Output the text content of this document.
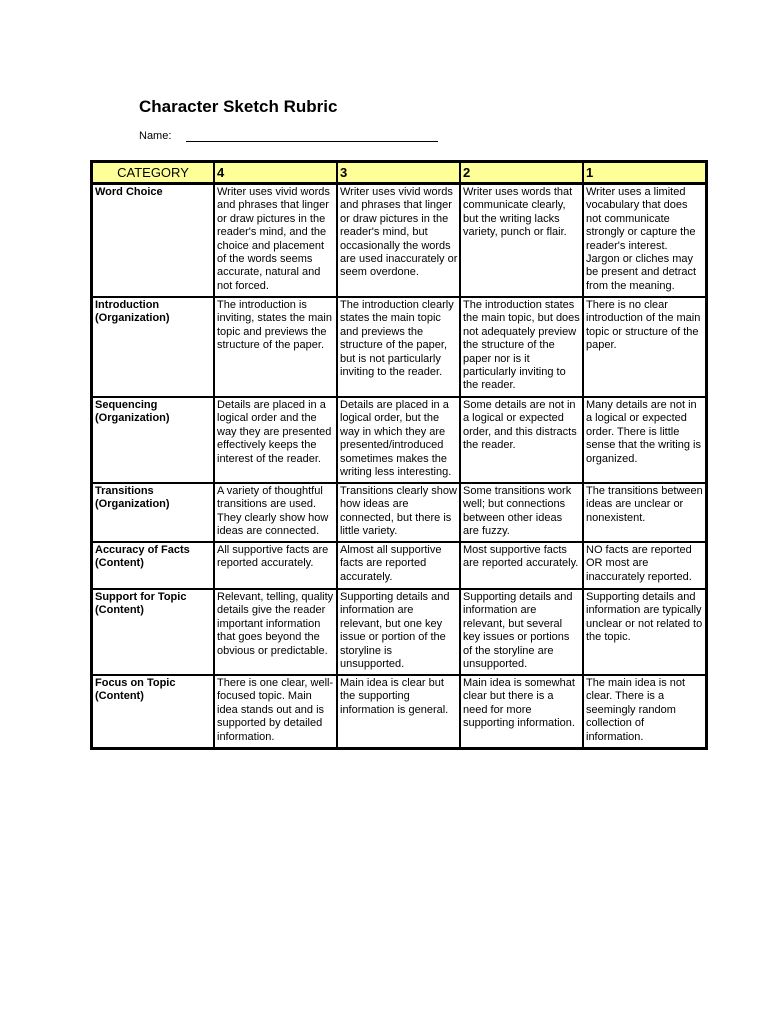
Character Sketch Rubric
Name:
CATEGORY	4	3	2	1
Word Choice	Writer uses vivid words and phrases that linger or draw pictures in the reader's mind, and the choice and placement of the words seems accurate, natural and not forced.	Writer uses vivid words and phrases that linger or draw pictures in the reader's mind, but occasionally the words are used inaccurately or seem overdone.	Writer uses words that communicate clearly, but the writing lacks variety, punch or flair.	Writer uses a limited vocabulary that does not communicate strongly or capture the reader's interest. Jargon or cliches may be present and detract from the meaning.
Introduction (Organization)	The introduction is inviting, states the main topic and previews the structure of the paper.	The introduction clearly states the main topic and previews the structure of the paper, but is not particularly inviting to the reader.	The introduction states the main topic, but does not adequately preview the structure of the paper nor is it particularly inviting to the reader.	There is no clear introduction of the main topic or structure of the paper.
Sequencing (Organization)	Details are placed in a logical order and the way they are presented effectively keeps the interest of the reader.	Details are placed in a logical order, but the way in which they are presented/introduced sometimes makes the writing less interesting.	Some details are not in a logical or expected order, and this distracts the reader.	Many details are not in a logical or expected order. There is little sense that the writing is organized.
Transitions (Organization)	A variety of thoughtful transitions are used. They clearly show how ideas are connected.	Transitions clearly show how ideas are connected, but there is little variety.	Some transitions work well; but connections between other ideas are fuzzy.	The transitions between ideas are unclear or nonexistent.
Accuracy of Facts (Content)	All supportive facts are reported accurately.	Almost all supportive facts are reported accurately.	Most supportive facts are reported accurately.	NO facts are reported OR most are inaccurately reported.
Support for Topic (Content)	Relevant, telling, quality details give the reader important information that goes beyond the obvious or predictable.	Supporting details and information are relevant, but one key issue or portion of the storyline is unsupported.	Supporting details and information are relevant, but several key issues or portions of the storyline are unsupported.	Supporting details and information are typically unclear or not related to the topic.
Focus on Topic (Content)	There is one clear, well-focused topic. Main idea stands out and is supported by detailed information.	Main idea is clear but the supporting information is general.	Main idea is somewhat clear but there is a need for more supporting information.	The main idea is not clear. There is a seemingly random collection of information.
